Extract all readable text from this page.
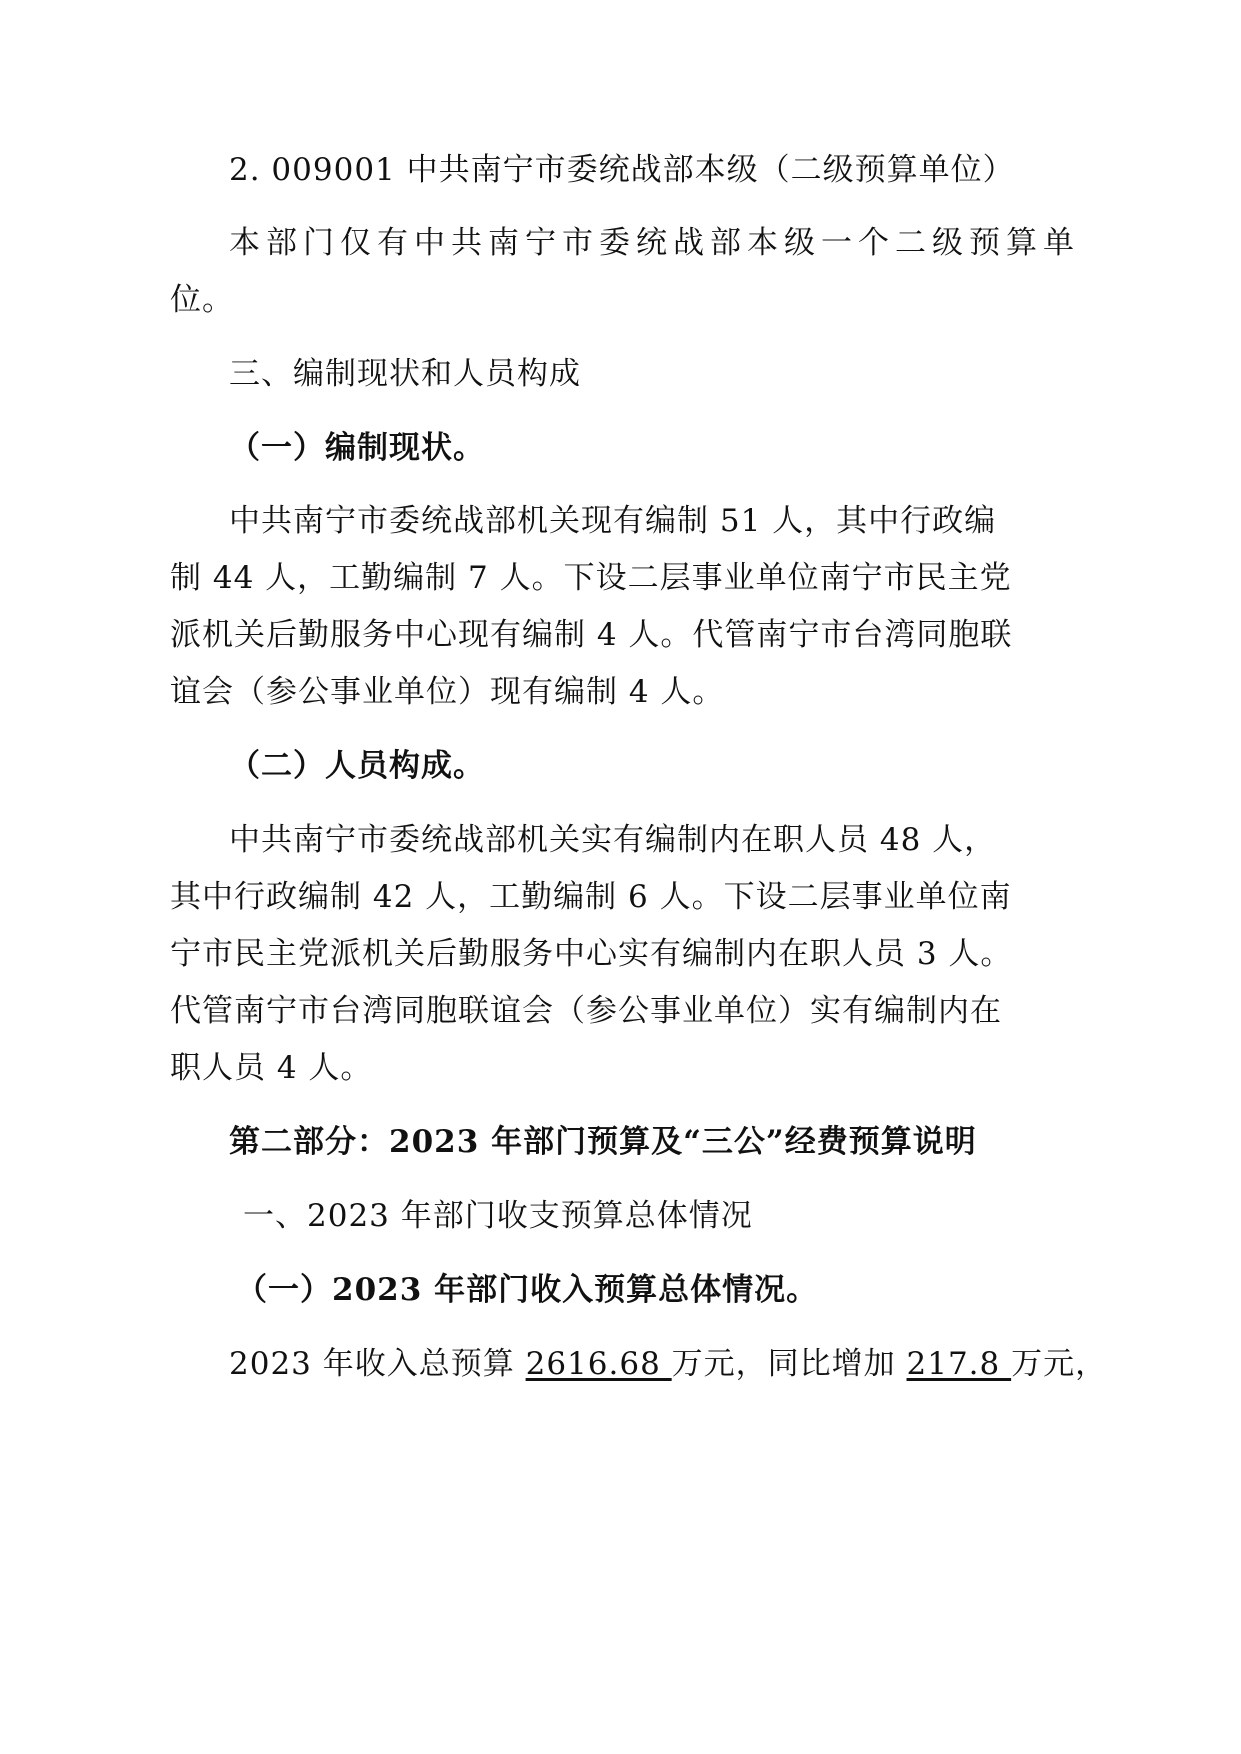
2. 009001 中共南宁市委统战部本级（二级预算单位）
本部门仅有中共南宁市委统战部本级一个二级预算单
位。
三、编制现状和人员构成
（一）编制现状。
中共南宁市委统战部机关现有编制 51 人，其中行政编
制 44 人，工勤编制 7 人。下设二层事业单位南宁市民主党
派机关后勤服务中心现有编制 4 人。代管南宁市台湾同胞联
谊会（参公事业单位）现有编制 4 人。
（二）人员构成。
中共南宁市委统战部机关实有编制内在职人员 48 人，
其中行政编制 42 人，工勤编制 6 人。下设二层事业单位南
宁市民主党派机关后勤服务中心实有编制内在职人员 3 人。
代管南宁市台湾同胞联谊会（参公事业单位）实有编制内在
职人员 4 人。
第二部分：2023 年部门预算及“三公”经费预算说明
一、2023 年部门收支预算总体情况
（一）2023 年部门收入预算总体情况。
2023 年收入总预算 2616.68 万元，同比增加 217.8 万元，
